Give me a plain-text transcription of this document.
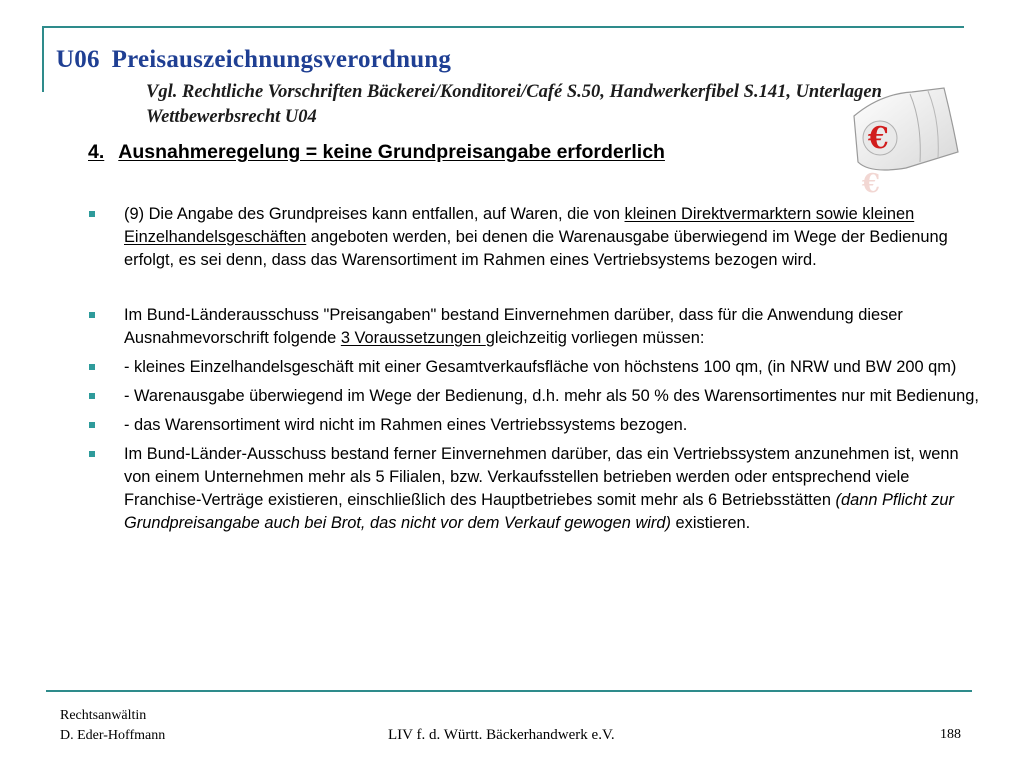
U06 Preisauszeichnungsverordnung

Vgl. Rechtliche Vorschriften Bäckerei/Konditorei/Café S.50, Handwerkerfibel S.141, Unterlagen Wettbewerbsrecht U04

€
€
4. Ausnahmeregelung = keine Grundpreisangabe erforderlich
(9) Die Angabe des Grundpreises kann entfallen, auf Waren, die von kleinen Direktvermarktern sowie kleinen Einzelhandelsgeschäften angeboten werden, bei denen die Warenausgabe überwiegend im Wege der Bedienung erfolgt, es sei denn, dass das Warensortiment im Rahmen eines Vertriebsystems bezogen wird.
Im Bund-Länderausschuss "Preisangaben" bestand Einvernehmen darüber, dass für die Anwendung dieser Ausnahmevorschrift folgende 3 Voraussetzungen gleichzeitig vorliegen müssen:
- kleines Einzelhandelsgeschäft mit einer Gesamtverkaufsfläche von höchstens 100 qm, (in NRW und BW 200 qm)
- Warenausgabe überwiegend im Wege der Bedienung, d.h. mehr als 50 % des Warensortimentes nur mit Bedienung,
- das Warensortiment wird nicht im Rahmen eines Vertriebssystems bezogen.
Im Bund-Länder-Ausschuss bestand ferner Einvernehmen darüber, das ein Vertriebssystem anzunehmen ist, wenn von einem Unternehmen mehr als 5 Filialen, bzw. Verkaufsstellen betrieben werden oder entsprechend viele Franchise-Verträge existieren, einschließlich des Hauptbetriebes somit mehr als 6 Betriebsstätten (dann Pflicht zur Grundpreisangabe auch bei Brot, das nicht vor dem Verkauf gewogen wird) existieren.
Rechtsanwältin
D. Eder-Hoffmann	LIV f. d. Württ. Bäckerhandwerk e.V.	188
